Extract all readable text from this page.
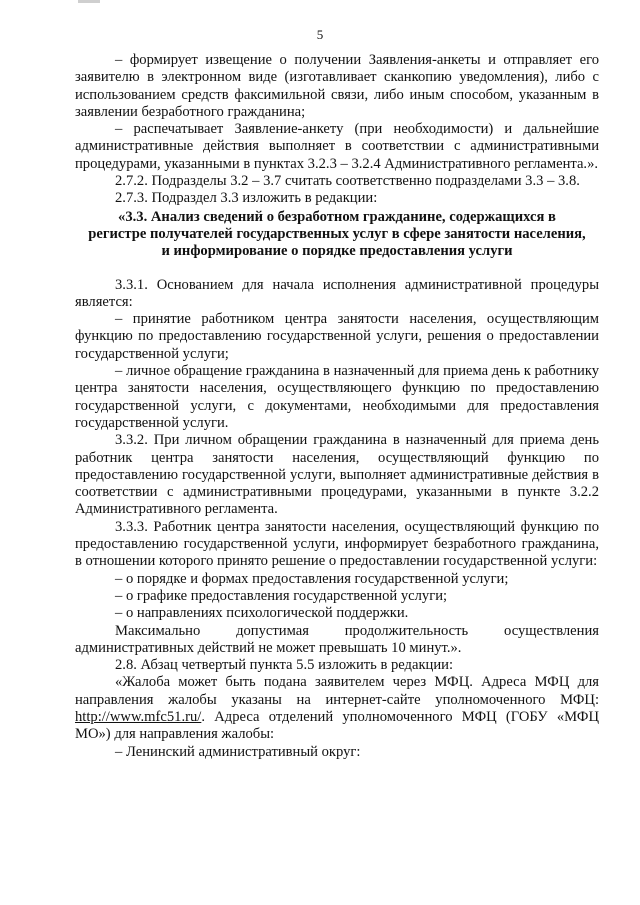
5

– формирует извещение о получении Заявления-анкеты и отправляет его заявителю в электронном виде (изготавливает сканкопию уведомления), либо с использованием средств факсимильной связи, либо иным способом, указанным в заявлении безработного гражданина;

– распечатывает Заявление-анкету (при необходимости) и дальнейшие административные действия выполняет в соответствии с административными процедурами, указанными в пунктах 3.2.3 – 3.2.4 Административного регламента.».

2.7.2. Подразделы 3.2 – 3.7 считать соответственно подразделами 3.3 – 3.8.

2.7.3. Подраздел 3.3 изложить в редакции:

«3.3. Анализ сведений о безработном гражданине, содержащихся в
регистре получателей государственных услуг в сфере занятости населения,
и информирование о порядке предоставления услуги

3.3.1. Основанием для начала исполнения административной процедуры является:

– принятие работником центра занятости населения, осуществляющим функцию по предоставлению государственной услуги, решения о предоставлении государственной услуги;

– личное обращение гражданина в назначенный для приема день к работнику центра занятости населения, осуществляющего функцию по предоставлению государственной услуги, с документами, необходимыми для предоставления государственной услуги.

3.3.2. При личном обращении гражданина в назначенный для приема день работник центра занятости населения, осуществляющий функцию по предоставлению государственной услуги, выполняет административные действия в соответствии с административными процедурами, указанными в пункте 3.2.2 Административного регламента.

3.3.3. Работник центра занятости населения, осуществляющий функцию по предоставлению государственной услуги, информирует безработного гражданина, в отношении которого принято решение о предоставлении государственной услуги:

– о порядке и формах предоставления государственной услуги;

– о графике предоставления государственной услуги;

– о направлениях психологической поддержки.

Максимально допустимая продолжительность осуществления

административных действий не может превышать 10 минут.».

2.8. Абзац четвертый пункта 5.5 изложить в редакции:

«Жалоба может быть подана заявителем через МФЦ. Адреса МФЦ для направления жалобы указаны на интернет-сайте уполномоченного МФЦ: http://www.mfc51.ru/. Адреса отделений уполномоченного МФЦ (ГОБУ «МФЦ МО») для направления жалобы:

– Ленинский административный округ:
